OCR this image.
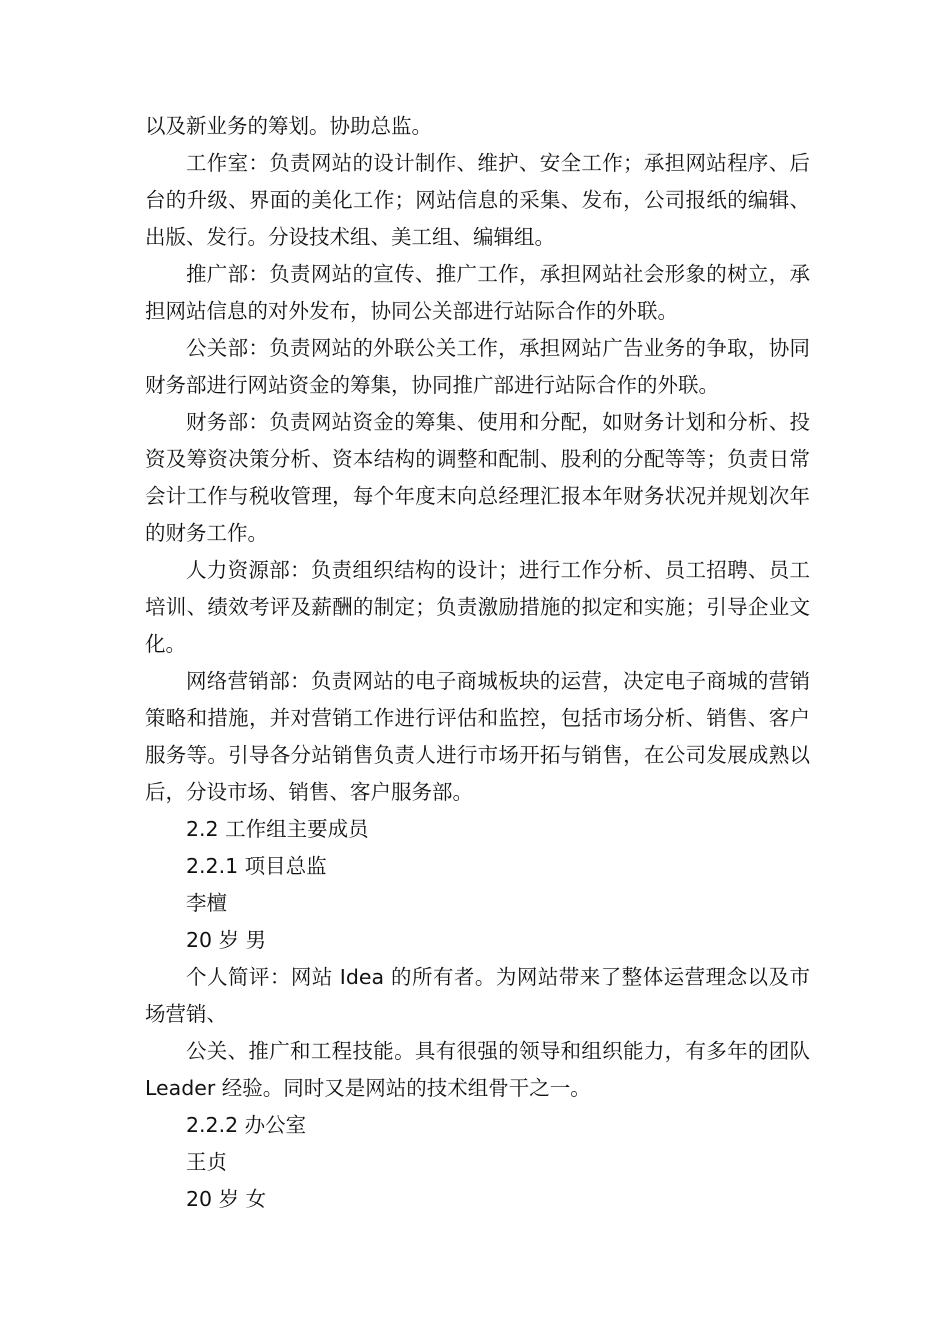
以及新业务的筹划。协助总监。

工作室：负责网站的设计制作、维护、安全工作；承担网站程序、后台的升级、界面的美化工作；网站信息的采集、发布，公司报纸的编辑、出版、发行。分设技术组、美工组、编辑组。

推广部：负责网站的宣传、推广工作，承担网站社会形象的树立，承担网站信息的对外发布，协同公关部进行站际合作的外联。

公关部：负责网站的外联公关工作，承担网站广告业务的争取，协同财务部进行网站资金的筹集，协同推广部进行站际合作的外联。

财务部：负责网站资金的筹集、使用和分配，如财务计划和分析、投资及筹资决策分析、资本结构的调整和配制、股利的分配等等；负责日常会计工作与税收管理，每个年度末向总经理汇报本年财务状况并规划次年的财务工作。

人力资源部：负责组织结构的设计；进行工作分析、员工招聘、员工培训、绩效考评及薪酬的制定；负责激励措施的拟定和实施；引导企业文化。

网络营销部：负责网站的电子商城板块的运营，决定电子商城的营销策略和措施，并对营销工作进行评估和监控，包括市场分析、销售、客户服务等。引导各分站销售负责人进行市场开拓与销售，在公司发展成熟以后，分设市场、销售、客户服务部。

2.2 工作组主要成员

2.2.1 项目总监

李檀

20 岁 男

个人简评：网站 Idea 的所有者。为网站带来了整体运营理念以及市场营销、

公关、推广和工程技能。具有很强的领导和组织能力，有多年的团队 Leader 经验。同时又是网站的技术组骨干之一。

2.2.2 办公室

王贞

20 岁 女
